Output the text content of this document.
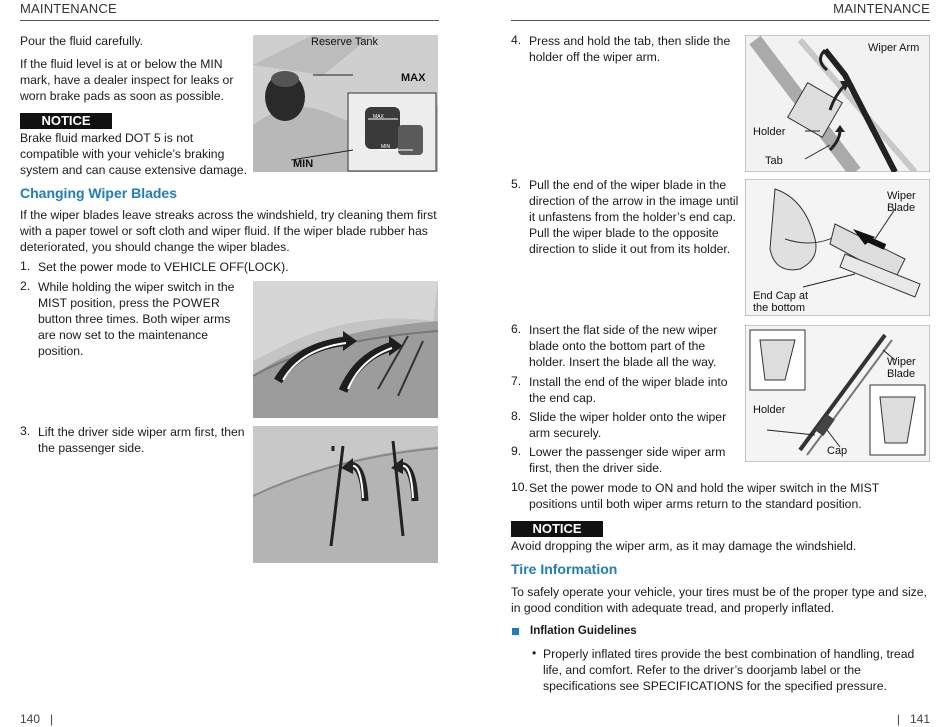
MAINTENANCE
Pour the fluid carefully.
If the fluid level is at or below the MIN mark, have a dealer inspect for leaks or worn brake pads as soon as possible.
NOTICE
Brake fluid marked DOT 5 is not compatible with your vehicle’s braking system and can cause extensive damage.
Reserve Tank
MAX
MIN
MAX
MIN
Changing Wiper Blades
If the wiper blades leave streaks across the windshield, try cleaning them first with a paper towel or soft cloth and wiper fluid. If the wiper blade rubber has deteriorated, you should change the wiper blades.
1. Set the power mode to VEHICLE OFF(LOCK).
2. While holding the wiper switch in the MIST position, press the POWER button three times. Both wiper arms are now set to the maintenance position.
3. Lift the driver side wiper arm first, then the passenger side.
140   |
MAINTENANCE
4. Press and hold the tab, then slide the holder off the wiper arm.
Wiper Arm
Holder
Tab
5. Pull the end of the wiper blade in the direction of the arrow in the image until it unfastens from the holder’s end cap. Pull the wiper blade to the opposite direction to slide it out from its holder.
Wiper
Blade
End Cap at
the bottom
6. Insert the flat side of the new wiper blade onto the bottom part of the holder. Insert the blade all the way.
7. Install the end of the wiper blade into the end cap.
8. Slide the wiper holder onto the wiper arm securely.
Wiper
Blade
Holder
Cap
9. Lower the passenger side wiper arm first, then the driver side.
10. Set the power mode to ON and hold the wiper switch in the MIST positions until both wiper arms return to the standard position.
NOTICE
Avoid dropping the wiper arm, as it may damage the windshield.
Tire Information
To safely operate your vehicle, your tires must be of the proper type and size, in good condition with adequate tread, and properly inflated.
Inflation Guidelines
• Properly inflated tires provide the best combination of handling, tread life, and comfort. Refer to the driver’s doorjamb label or the specifications see SPECIFICATIONS for the specified pressure.
|   141
